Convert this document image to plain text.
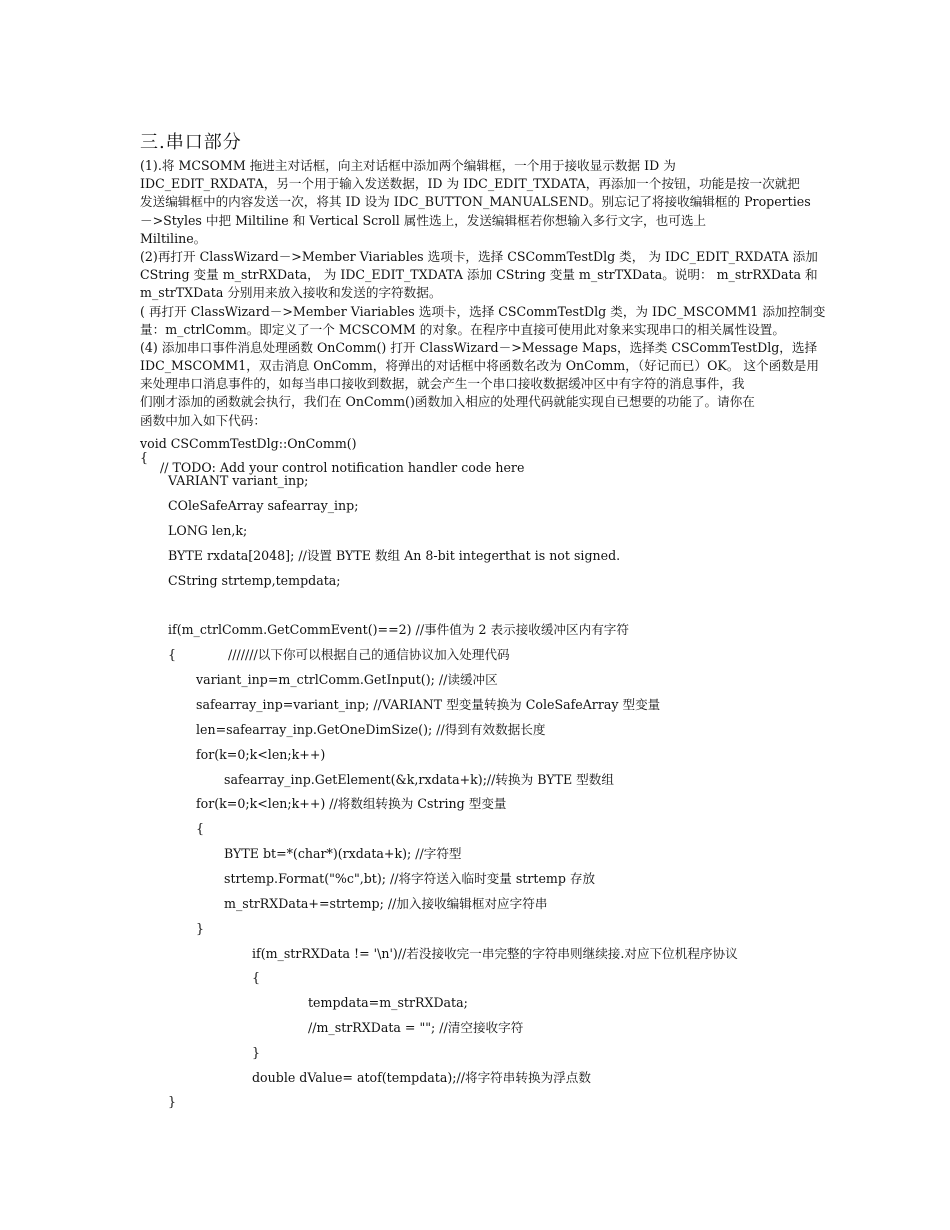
三.串口部分
(1).将 MCSOMM 拖进主对话框，向主对话框中添加两个编辑框，一个用于接收显示数据 ID 为
IDC_EDIT_RXDATA，另一个用于输入发送数据，ID 为 IDC_EDIT_TXDATA，再添加一个按钮，功能是按一次就把
发送编辑框中的内容发送一次，将其 ID 设为 IDC_BUTTON_MANUALSEND。别忘记了将接收编辑框的 Properties
－>Styles 中把 Miltiline 和 Vertical Scroll 属性选上，发送编辑框若你想输入多行文字，也可选上
Miltiline。
(2)再打开 ClassWizard－>Member Viariables 选项卡，选择 CSCommTestDlg 类， 为 IDC_EDIT_RXDATA 添加
CString 变量 m_strRXData， 为 IDC_EDIT_TXDATA 添加 CString 变量 m_strTXData。说明： m_strRXData 和
m_strTXData 分别用来放入接收和发送的字符数据。
( 再打开 ClassWizard－>Member Viariables 选项卡，选择 CSCommTestDlg 类，为 IDC_MSCOMM1 添加控制变
量：m_ctrlComm。即定义了一个 MCSCOMM 的对象。在程序中直接可使用此对象来实现串口的相关属性设置。
(4) 添加串口事件消息处理函数 OnComm() 打开 ClassWizard－>Message Maps，选择类 CSCommTestDlg，选择
IDC_MSCOMM1，双击消息 OnComm，将弹出的对话框中将函数名改为 OnComm，（好记而已）OK。 这个函数是用
来处理串口消息事件的，如每当串口接收到数据，就会产生一个串口接收数据缓冲区中有字符的消息事件，我
们刚才添加的函数就会执行，我们在 OnComm()函数加入相应的处理代码就能实现自已想要的功能了。请你在
函数中加入如下代码：
void CSCommTestDlg::OnComm()
{
// TODO: Add your control notification handler code here
VARIANT variant_inp;
COleSafeArray safearray_inp;
LONG len,k;
BYTE rxdata[2048]; //设置 BYTE 数组 An 8-bit integerthat is not signed.
CString strtemp,tempdata;
if(m_ctrlComm.GetCommEvent()==2) //事件值为 2 表示接收缓冲区内有字符
{             ///////以下你可以根据自己的通信协议加入处理代码
variant_inp=m_ctrlComm.GetInput(); //读缓冲区
safearray_inp=variant_inp; //VARIANT 型变量转换为 ColeSafeArray 型变量
len=safearray_inp.GetOneDimSize(); //得到有效数据长度
for(k=0;k<len;k++)
safearray_inp.GetElement(&k,rxdata+k);//转换为 BYTE 型数组
for(k=0;k<len;k++) //将数组转换为 Cstring 型变量
{
BYTE bt=*(char*)(rxdata+k); //字符型
strtemp.Format("%c",bt); //将字符送入临时变量 strtemp 存放
m_strRXData+=strtemp; //加入接收编辑框对应字符串
}
if(m_strRXData != '\n')//若没接收完一串完整的字符串则继续接.对应下位机程序协议
{
tempdata=m_strRXData;
//m_strRXData = ""; //清空接收字符
}
double dValue= atof(tempdata);//将字符串转换为浮点数
}
